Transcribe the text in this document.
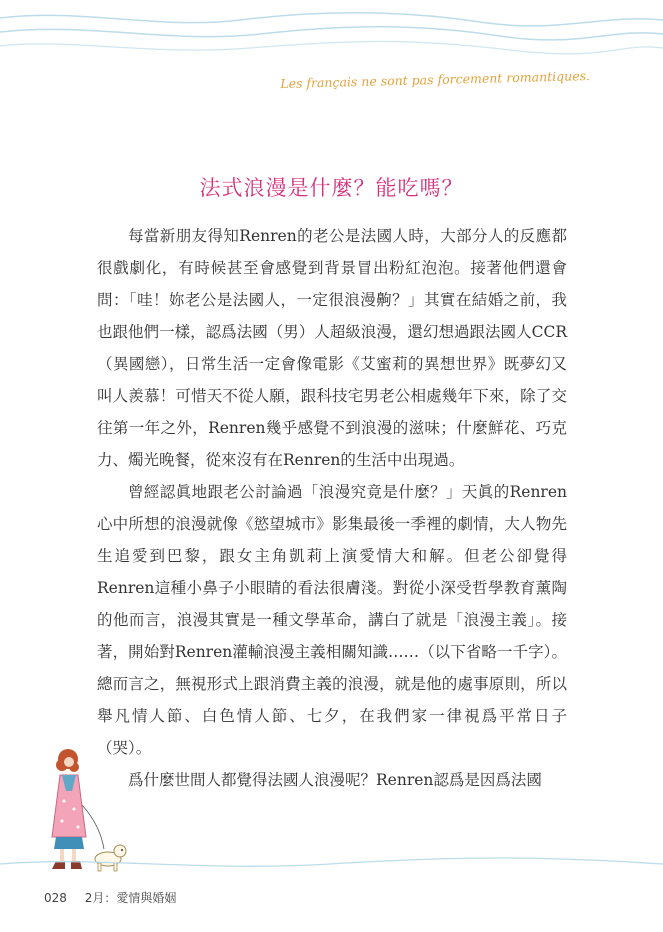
Les français ne sont pas forcement romantiques.
法式浪漫是什麼？能吃嗎？

每當新朋友得知Renren的老公是法國人時，大部分人的反應都很戲劇化，有時候甚至會感覺到背景冒出粉紅泡泡。接著他們還會問：「哇！妳老公是法國人，一定很浪漫齁？」其實在結婚之前，我也跟他們一樣，認爲法國（男）人超級浪漫，還幻想過跟法國人CCR（異國戀），日常生活一定會像電影《艾蜜莉的異想世界》既夢幻又叫人羨慕！可惜天不從人願，跟科技宅男老公相處幾年下來，除了交往第一年之外，Renren幾乎感覺不到浪漫的滋味；什麼鮮花、巧克力、燭光晚餐，從來沒有在Renren的生活中出現過。

曾經認眞地跟老公討論過「浪漫究竟是什麼？」天眞的Renren心中所想的浪漫就像《慾望城市》影集最後一季裡的劇情，大人物先生追愛到巴黎，跟女主角凱莉上演愛情大和解。但老公卻覺得Renren這種小鼻子小眼睛的看法很膚淺。對從小深受哲學教育薰陶的他而言，浪漫其實是一種文學革命，講白了就是「浪漫主義」。接著，開始對Renren灌輸浪漫主義相關知識……（以下省略一千字）。總而言之，無視形式上跟消費主義的浪漫，就是他的處事原則，所以舉凡情人節、白色情人節、七夕，在我們家一律視爲平常日子（哭）。

爲什麼世間人都覺得法國人浪漫呢？Renren認爲是因爲法國

028 2月：愛情與婚姻
